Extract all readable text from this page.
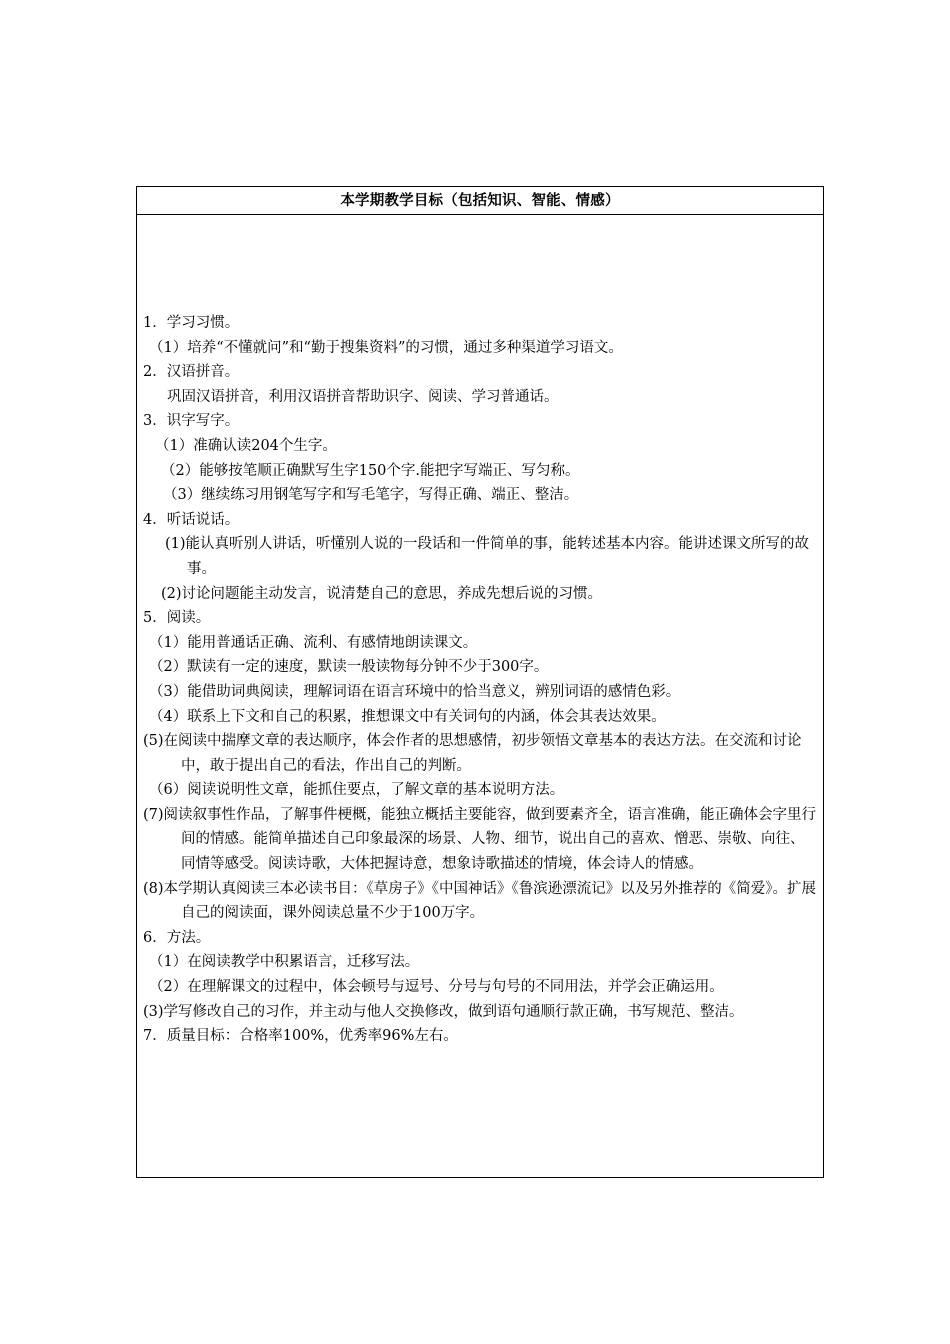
本学期教学目标（包括知识、智能、情感）
1．学习习惯。
（1）培养“不懂就问”和“勤于搜集资料”的习惯，通过多种渠道学习语文。
2．汉语拼音。
巩固汉语拼音，利用汉语拼音帮助识字、阅读、学习普通话。
3．识字写字。
（1）准确认读204个生字。
（2）能够按笔顺正确默写生字150个字.能把字写端正、写匀称。
（3）继续练习用钢笔写字和写毛笔字，写得正确、端正、整洁。
4．听话说话。
(1)能认真听别人讲话，听懂别人说的一段话和一件简单的事，能转述基本内容。能讲述课文所写的故事。
(2)讨论问题能主动发言，说清楚自己的意思，养成先想后说的习惯。
5．阅读。
（1）能用普通话正确、流利、有感情地朗读课文。
（2）默读有一定的速度，默读一般读物每分钟不少于300字。
（3）能借助词典阅读，理解词语在语言环境中的恰当意义，辨别词语的感情色彩。
（4）联系上下文和自己的积累，推想课文中有关词句的内涵，体会其表达效果。
(5)在阅读中揣摩文章的表达顺序，体会作者的思想感情，初步领悟文章基本的表达方法。在交流和讨论中，敢于提出自己的看法，作出自己的判断。
（6）阅读说明性文章，能抓住要点，了解文章的基本说明方法。
(7)阅读叙事性作品，了解事件梗概，能独立概括主要能容，做到要素齐全，语言准确，能正确体会字里行间的情感。能简单描述自己印象最深的场景、人物、细节，说出自己的喜欢、憎恶、崇敬、向往、同情等感受。阅读诗歌，大体把握诗意，想象诗歌描述的情境，体会诗人的情感。
(8)本学期认真阅读三本必读书目：《草房子》《中国神话》《鲁滨逊漂流记》以及另外推荐的《简爱》。扩展自己的阅读面，课外阅读总量不少于100万字。
6．方法。
（1）在阅读教学中积累语言，迁移写法。
（2）在理解课文的过程中，体会顿号与逗号、分号与句号的不同用法，并学会正确运用。
(3)学写修改自己的习作，并主动与他人交换修改，做到语句通顺行款正确，书写规范、整洁。
7．质量目标：合格率100%，优秀率96%左右。
